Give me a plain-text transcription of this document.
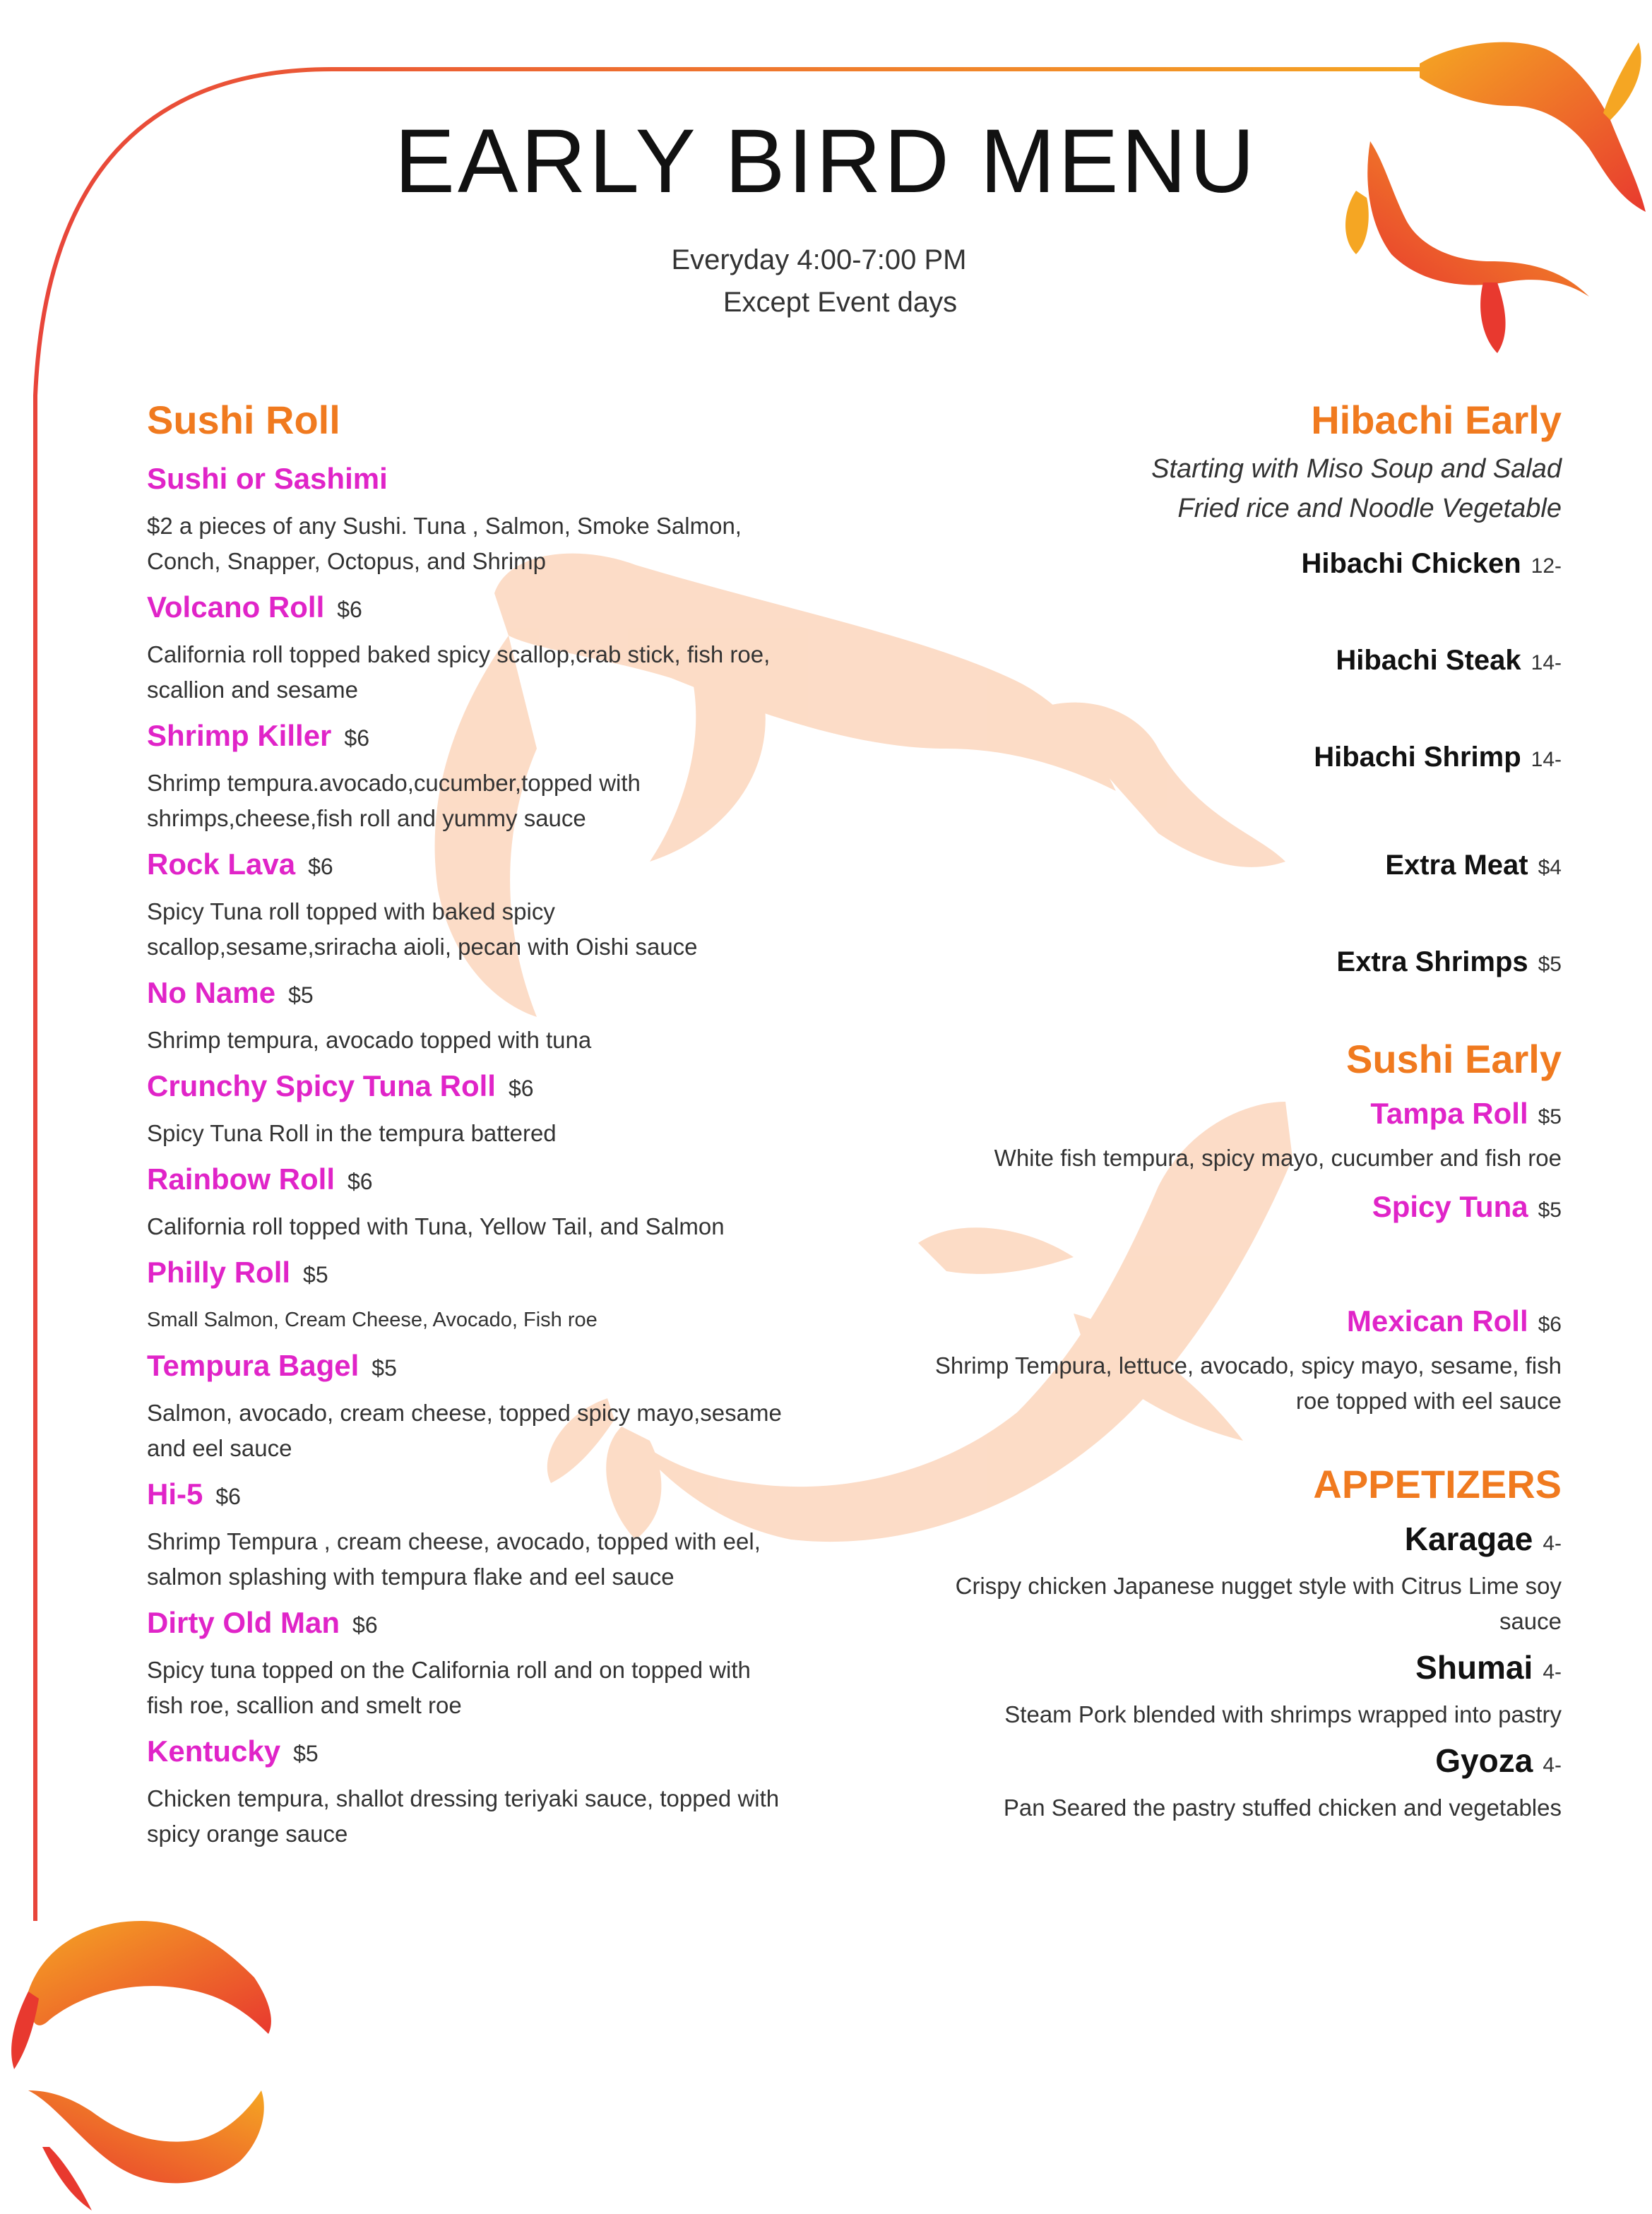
EARLY BIRD MENU
Everyday 4:00-7:00 PM
Except Event days
Sushi Roll
Sushi or Sashimi
$2 a pieces of any Sushi. Tuna , Salmon, Smoke Salmon,
Conch, Snapper, Octopus, and Shrimp
Volcano Roll $6
California roll topped baked spicy scallop,crab stick, fish roe,
scallion and sesame
Shrimp Killer $6
Shrimp tempura.avocado,cucumber,topped with
shrimps,cheese,fish roll and yummy sauce
Rock Lava $6
Spicy Tuna roll topped with baked spicy
scallop,sesame,sriracha aioli, pecan with Oishi sauce
No Name $5
Shrimp tempura, avocado topped with tuna
Crunchy Spicy Tuna Roll $6
Spicy Tuna Roll in the tempura battered
Rainbow Roll $6
California roll topped with Tuna, Yellow Tail, and Salmon
Philly Roll $5
Small Salmon, Cream Cheese, Avocado, Fish roe
Tempura Bagel $5
Salmon, avocado, cream cheese, topped spicy mayo,sesame
and eel sauce
Hi-5 $6
Shrimp Tempura , cream cheese, avocado, topped with eel,
salmon splashing with tempura flake and eel sauce
Dirty Old Man $6
Spicy tuna topped on the California roll and on topped with
fish roe, scallion and smelt roe
Kentucky $5
Chicken tempura, shallot dressing teriyaki sauce, topped with
spicy orange sauce
Hibachi Early
Starting with Miso Soup and Salad
Fried rice and Noodle Vegetable
Hibachi Chicken 12-
Hibachi Steak 14-
Hibachi Shrimp 14-
Extra Meat $4
Extra Shrimps $5
Sushi Early
Tampa Roll $5
White fish tempura, spicy mayo, cucumber and fish roe
Spicy Tuna $5
Mexican Roll $6
Shrimp Tempura, lettuce, avocado, spicy mayo, sesame, fish
roe topped with eel sauce
APPETIZERS
Karagae 4-
Crispy chicken Japanese nugget style with Citrus Lime soy
sauce
Shumai 4-
Steam Pork blended with shrimps wrapped into pastry
Gyoza 4-
Pan Seared the pastry stuffed chicken and vegetables
